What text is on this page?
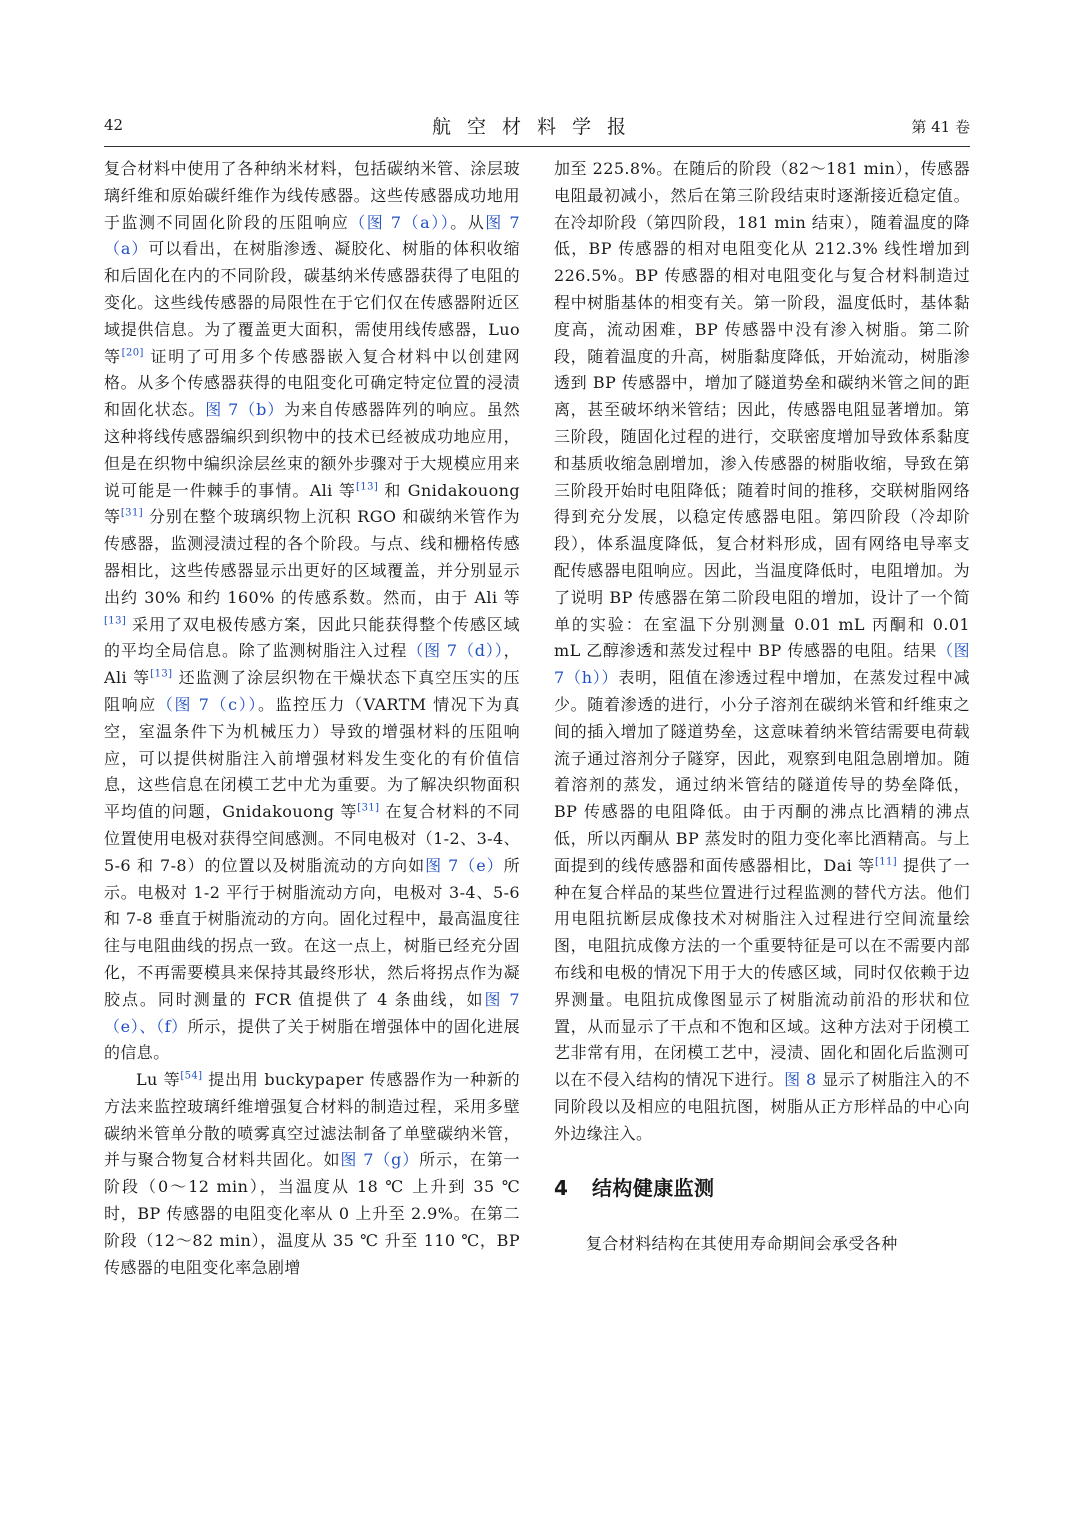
42	航空材料学报	第 41 卷

复合材料中使用了各种纳米材料，包括碳纳米管、涂层玻璃纤维和原始碳纤维作为线传感器。这些传感器成功地用于监测不同固化阶段的压阻响应（图 7（a））。从图 7（a）可以看出，在树脂渗透、凝胶化、树脂的体积收缩和后固化在内的不同阶段，碳基纳米传感器获得了电阻的变化。这些线传感器的局限性在于它们仅在传感器附近区域提供信息。为了覆盖更大面积，需使用线传感器，Luo 等[20] 证明了可用多个传感器嵌入复合材料中以创建网格。从多个传感器获得的电阻变化可确定特定位置的浸渍和固化状态。图 7（b）为来自传感器阵列的响应。虽然这种将线传感器编织到织物中的技术已经被成功地应用，但是在织物中编织涂层丝束的额外步骤对于大规模应用来说可能是一件棘手的事情。Ali 等[13] 和 Gnidakouong 等[31] 分别在整个玻璃织物上沉积 RGO 和碳纳米管作为传感器，监测浸渍过程的各个阶段。与点、线和栅格传感器相比，这些传感器显示出更好的区域覆盖，并分别显示出约 30% 和约 160% 的传感系数。然而，由于 Ali 等[13] 采用了双电极传感方案，因此只能获得整个传感区域的平均全局信息。除了监测树脂注入过程（图 7（d）），Ali 等[13] 还监测了涂层织物在干燥状态下真空压实的压阻响应（图 7（c））。监控压力（VARTM 情况下为真空，室温条件下为机械压力）导致的增强材料的压阻响应，可以提供树脂注入前增强材料发生变化的有价值信息，这些信息在闭模工艺中尤为重要。为了解决织物面积平均值的问题，Gnidakouong 等[31] 在复合材料的不同位置使用电极对获得空间感测。不同电极对（1-2、3-4、5-6 和 7-8）的位置以及树脂流动的方向如图 7（e）所示。电极对 1-2 平行于树脂流动方向，电极对 3-4、5-6 和 7-8 垂直于树脂流动的方向。固化过程中，最高温度往往与电阻曲线的拐点一致。在这一点上，树脂已经充分固化，不再需要模具来保持其最终形状，然后将拐点作为凝胶点。同时测量的 FCR 值提供了 4 条曲线，如图 7（e）、（f）所示，提供了关于树脂在增强体中的固化进展的信息。

Lu 等[54] 提出用 buckypaper 传感器作为一种新的方法来监控玻璃纤维增强复合材料的制造过程，采用多壁碳纳米管单分散的喷雾真空过滤法制备了单壁碳纳米管，并与聚合物复合材料共固化。如图 7（g）所示，在第一阶段（0～12 min），当温度从 18 ℃ 上升到 35 ℃ 时，BP 传感器的电阻变化率从 0 上升至 2.9%。在第二阶段（12～82 min），温度从 35 ℃ 升至 110 ℃，BP 传感器的电阻变化率急剧增

加至 225.8%。在随后的阶段（82～181 min），传感器电阻最初减小，然后在第三阶段结束时逐渐接近稳定值。在冷却阶段（第四阶段，181 min 结束），随着温度的降低，BP 传感器的相对电阻变化从 212.3% 线性增加到 226.5%。BP 传感器的相对电阻变化与复合材料制造过程中树脂基体的相变有关。第一阶段，温度低时，基体黏度高，流动困难，BP 传感器中没有渗入树脂。第二阶段，随着温度的升高，树脂黏度降低，开始流动，树脂渗透到 BP 传感器中，增加了隧道势垒和碳纳米管之间的距离，甚至破坏纳米管结；因此，传感器电阻显著增加。第三阶段，随固化过程的进行，交联密度增加导致体系黏度和基质收缩急剧增加，渗入传感器的树脂收缩，导致在第三阶段开始时电阻降低；随着时间的推移，交联树脂网络得到充分发展，以稳定传感器电阻。第四阶段（冷却阶段），体系温度降低，复合材料形成，固有网络电导率支配传感器电阻响应。因此，当温度降低时，电阻增加。为了说明 BP 传感器在第二阶段电阻的增加，设计了一个简单的实验：在室温下分别测量 0.01 mL 丙酮和 0.01 mL 乙醇渗透和蒸发过程中 BP 传感器的电阻。结果（图 7（h））表明，阻值在渗透过程中增加，在蒸发过程中减少。随着渗透的进行，小分子溶剂在碳纳米管和纤维束之间的插入增加了隧道势垒，这意味着纳米管结需要电荷载流子通过溶剂分子隧穿，因此，观察到电阻急剧增加。随着溶剂的蒸发，通过纳米管结的隧道传导的势垒降低，BP 传感器的电阻降低。由于丙酮的沸点比酒精的沸点低，所以丙酮从 BP 蒸发时的阻力变化率比酒精高。与上面提到的线传感器和面传感器相比，Dai 等[11] 提供了一种在复合样品的某些位置进行过程监测的替代方法。他们用电阻抗断层成像技术对树脂注入过程进行空间流量绘图，电阻抗成像方法的一个重要特征是可以在不需要内部布线和电极的情况下用于大的传感区域，同时仅依赖于边界测量。电阻抗成像图显示了树脂流动前沿的形状和位置，从而显示了干点和不饱和区域。这种方法对于闭模工艺非常有用，在闭模工艺中，浸渍、固化和固化后监测可以在不侵入结构的情况下进行。图 8 显示了树脂注入的不同阶段以及相应的电阻抗图，树脂从正方形样品的中心向外边缘注入。

4 结构健康监测

复合材料结构在其使用寿命期间会承受各种
